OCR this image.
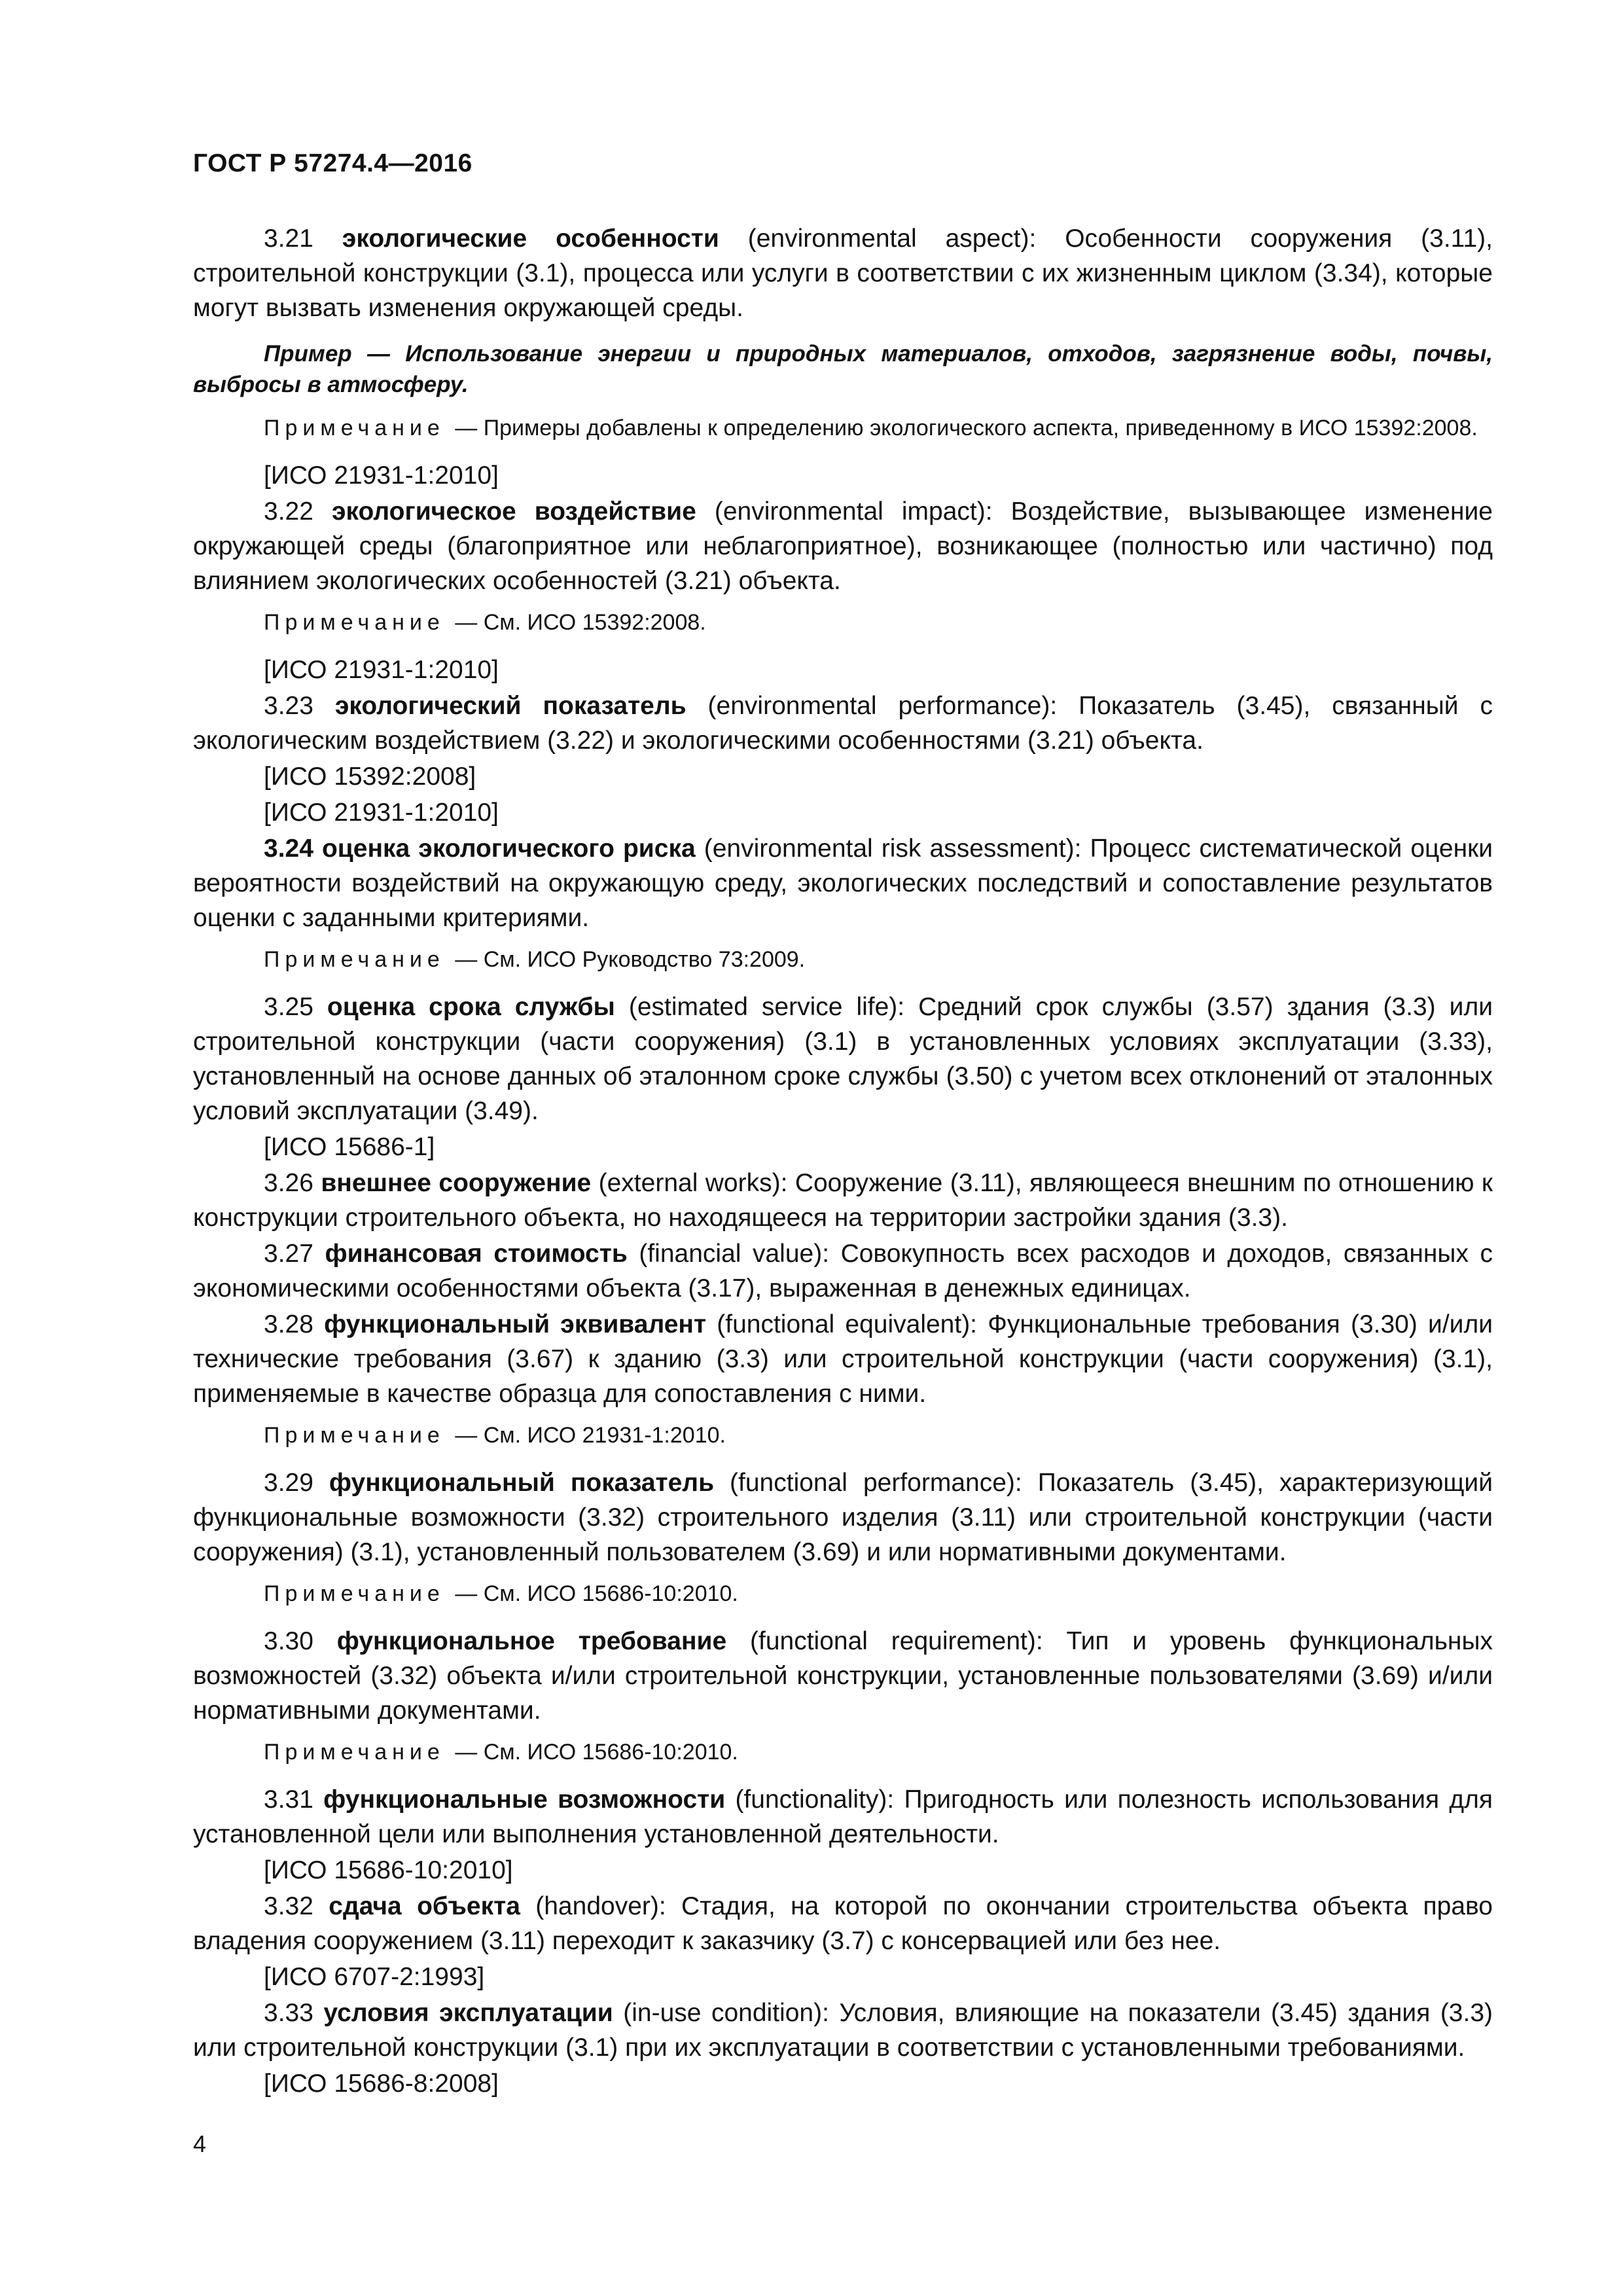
ГОСТ Р 57274.4—2016
3.21 экологические особенности (environmental aspect): Особенности сооружения (3.11), строительной конструкции (3.1), процесса или услуги в соответствии с их жизненным циклом (3.34), которые могут вызвать изменения окружающей среды.
Пример — Использование энергии и природных материалов, отходов, загрязнение воды, почвы, выбросы в атмосферу.
Примечание — Примеры добавлены к определению экологического аспекта, приведенному в ИСО 15392:2008.
[ИСО 21931-1:2010]
3.22 экологическое воздействие (environmental impact): Воздействие, вызывающее изменение окружающей среды (благоприятное или неблагоприятное), возникающее (полностью или частично) под влиянием экологических особенностей (3.21) объекта.
Примечание — См. ИСО 15392:2008.
[ИСО 21931-1:2010]
3.23 экологический показатель (environmental performance): Показатель (3.45), связанный с экологическим воздействием (3.22) и экологическими особенностями (3.21) объекта.
[ИСО 15392:2008]
[ИСО 21931-1:2010]
3.24 оценка экологического риска (environmental risk assessment): Процесс систематической оценки вероятности воздействий на окружающую среду, экологических последствий и сопоставление результатов оценки с заданными критериями.
Примечание — См. ИСО Руководство 73:2009.
3.25 оценка срока службы (estimated service life): Средний срок службы (3.57) здания (3.3) или строительной конструкции (части сооружения) (3.1) в установленных условиях эксплуатации (3.33), установленный на основе данных об эталонном сроке службы (3.50) с учетом всех отклонений от эталонных условий эксплуатации (3.49).
[ИСО 15686-1]
3.26 внешнее сооружение (external works): Сооружение (3.11), являющееся внешним по отношению к конструкции строительного объекта, но находящееся на территории застройки здания (3.3).
3.27 финансовая стоимость (financial value): Совокупность всех расходов и доходов, связанных с экономическими особенностями объекта (3.17), выраженная в денежных единицах.
3.28 функциональный эквивалент (functional equivalent): Функциональные требования (3.30) и/или технические требования (3.67) к зданию (3.3) или строительной конструкции (части сооружения) (3.1), применяемые в качестве образца для сопоставления с ними.
Примечание — См. ИСО 21931-1:2010.
3.29 функциональный показатель (functional performance): Показатель (3.45), характеризующий функциональные возможности (3.32) строительного изделия (3.11) или строительной конструкции (части сооружения) (3.1), установленный пользователем (3.69) и или нормативными документами.
Примечание — См. ИСО 15686-10:2010.
3.30 функциональное требование (functional requirement): Тип и уровень функциональных возможностей (3.32) объекта и/или строительной конструкции, установленные пользователями (3.69) и/или нормативными документами.
Примечание — См. ИСО 15686-10:2010.
3.31 функциональные возможности (functionality): Пригодность или полезность использования для установленной цели или выполнения установленной деятельности.
[ИСО 15686-10:2010]
3.32 сдача объекта (handover): Стадия, на которой по окончании строительства объекта право владения сооружением (3.11) переходит к заказчику (3.7) с консервацией или без нее.
[ИСО 6707-2:1993]
3.33 условия эксплуатации (in-use condition): Условия, влияющие на показатели (3.45) здания (3.3) или строительной конструкции (3.1) при их эксплуатации в соответствии с установленными требованиями.
[ИСО 15686-8:2008]
4
